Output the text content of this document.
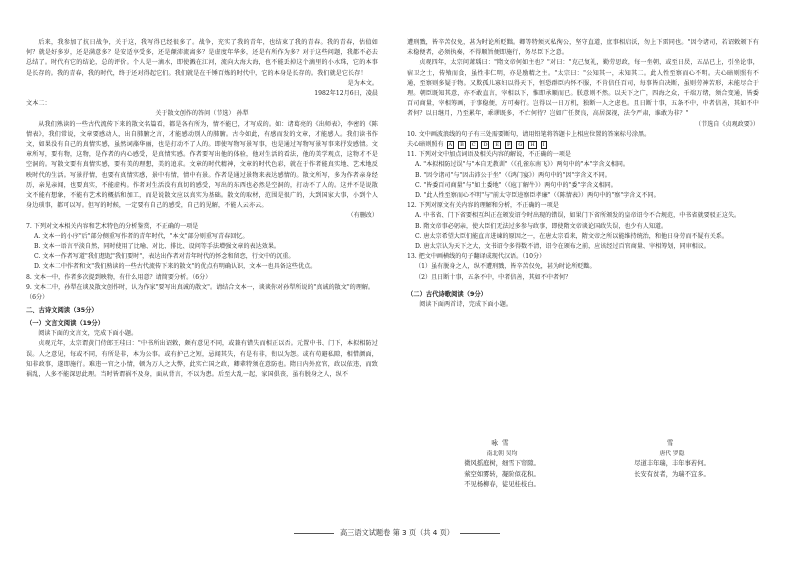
后来，我参加了抗日战争，关于这，我写得已经很多了。战争，充实了我的青年，也结束了我的青春。我的青春，估值如何？就是好多岁，还是满意多？是安适享受多，还是颠沛流离多？是虚度年华多，还是有所作为多？对于这些问题，我都不必去总结了。时代有它的结论，总的评价。个人是一滴水，即使溅在江河，流向大海大海，也不能丢掉这个滴里的小水珠，它的本事是长存的。我的青春，我的时代，终于还对得起它们。我们就是在千锤百炼的时代中，它的本身是长存的。我们就是它长存！

是为本文。

1982年12月6日，凌晨

文本二：

关于散文创作的答问（节选） 孙犁

从我们熟读的一些古代流传下来的散文名篇看，都是各有所为，情不能已，才写成的。如：诸葛亮的《出师表》，李密的《陈情表》，我们常说，文章要感动人，出自肺腑之言，才能感动别人的肺腑。古今如此，有感而发的文章，才能感人。我们读书作文，如果没有自己的真情实感，虽然词藻华丽，也是打动不了人的。即使写物写景写事，也是通过写物写景写事来抒发感情。文章所写，要有物，这物，是作者的内心感受，是真情实感。作者要写出他的体验，他对生活的看法，他的美学观点，这物才不是空洞的。写散文要有真情实感，要有美的理想，美的追求。文章的时代精神，文章的时代色彩，就在于作者能真实地、艺术地反映时代的生活。写景抒情，也要有真情实感，景中有情，情中有景。作者是通过景物来表达感情的。散文所写，多为作者亲身经历，亲见亲闻，也要真实，不能虚构。作者对生活没有真切的感受，写出的东西也必然是空洞的，打动不了人的。这并不是说散文不能有想象，不能有艺术的概括和加工，而是说散文应以真实为基础。散文的取材，范围是很广的，大到国家大事，小到个人身边琐事，都可以写。但写的时候，一定要有自己的感受，自己的见解，不能人云亦云。

（有删改）

7. 下列对文本相关内容和艺术特色的分析鉴赏，不正确的一项是

A. 文本一的小序"后"部分侧重写作者的青年时代，"本文"部分则重写青春回忆。

B. 文本一语言平淡自然，同时使用了比喻、对比、排比、设问等手法增强文章的表达效果。

C. 文本一作者写道"我们想起"我们要时"，表达出作者对青年时代的怀念和留恋，行文中的沉重。

D. 文本二中作者和文"我们熟读的一些古代流传下来的散文"的优点有明确认识，文本一也具备这些优点。

8. 文本一中，作者多次提到映物，有什么用意？请简要分析。（6分）

9. 文本二中，孙犁在谈及散文创作时，认为作家"要写出真诚的散文"。请结合文本一，谈谈你对孙犁所说的"真诚的散文"的理解。（6分）

二、古诗文阅读（35分）

（一）文言文阅读（19分）

阅读下面的文言文，完成下面小题。

贞观元年，太宗谓黄门侍郎王珪曰："中书所出诏敕，颇有意见不同，或兼有错失而相正以否。元置中书、门下，本拟相防过误。人之意见，每或不同，有所是非，本为公事。或有护己之短，忌闻其失，有是有非，衔以为怨。或有苟避私隙，相惜颜面，知非政事，遂即施行。难违一官之小情，顿为万人之大弊，此实亡国之政，卿辈特须在意防也。隋日内外庶官，政以依违，而致祸乱，人多不能深思此理。当时皆谓祸不及身，面从背言，不以为患。后至大乱一起，家国俱丧，虽有脱身之人，纵不

遭刑戮，皆辛苦仅免，甚为时论所贬黜。卿等特须灭私徇公，坚守直道，庶事相启沃，勿上下雷同也。"因令诸司，若诏敕颁下有未稳便者，必须执奏，不得顺旨便即施行，务尽臣下之意。

贞观四年，太宗问萧瑀曰："隋文帝何如主也？"对曰："克己复礼，勤劳思政，每一坐朝，或至日昃，五品已上，引坐论事，宿卫之士，传飧而食，虽性非仁明，亦是励精之主。"太宗曰："公知其一，未知其二。此人性至察而心不明。夫心暗则照有不通，至察则多疑于物。又欺孤儿寡妇以得天下，恒恐群臣内怀不服，不肯信任百司，每事皆自决断，虽则劳神苦形，未能尽合于理。朝臣既知其意，亦不敢直言，宰相以下，惟即承顺而已。朕意则不然。以天下之广，四海之众，千端万绪，须合变通，皆委百司商量，宰相筹画，于事稳便，方可奏行。岂得以一日万机，独断一人之虑也。且日断十事，五条不中，中者信善，其如不中者何？以日继月，乃至累年，乖谬既多，不亡何待？岂如广任贤良，高居深视，法令严肃，谁敢为非？"

（节选自《贞观政要》）

10. 文中画波浪线的句子有三处需要断句，请用铅笔将答题卡上相应位置的答案标号涂黑。

夫心暗则照有 A B C D E F G H I

11. 下列对文中加点词语及相关内容的解说，不正确的一项是

A. "本拟相防过误"与"本自无教训"（《孔雀东南飞》）两句中的"本"字含义相同。

B. "因令诸司"与"因击沛公于坐"（《鸿门宴》）两句中的"因"字含义不同。

C. "皆委百司商量"与"如土委地"（《庖丁解牛》）两句中的"委"字含义相同。

D. "此人性至察而心不明"与"前太守臣逵察臣孝廉"（《陈情表》）两句中的"察"字含义不同。

12. 下列对原文有关内容的理解和分析，不正确的一项是

A. 中书省、门下省要相互纠正在颁发诏令时出现的错误，如果门下省所颁发的皇帝诏令不合规范，中书省就要驳正这失。

B. 隋文帝事必躬亲，使大臣们无法过多参与政事，即使隋文帝谈论国政失误，也少有人知道。

C. 唐太宗希望大臣们能直言进谏的原因之一，在唐太宗看来，隋文帝之所以能维持统治，和他日身劳而不疑有关系。

D. 唐太宗认为天下之大，文书诏令多得数不清，诏令在颁布之前，应该经过百官商量、宰相筹划，同审相议。

13. 把文中画横线的句子翻译成现代汉语。（10分）

（1）虽有脱身之人，纵不遭刑戮，皆辛苦仅免，甚为时论所贬黜。

（2）且日断十事，五条不中，中者信善，其如不中者何？

（二）古代诗歌阅读（9分）

阅读下面两首诗，完成下面小题。

咏雪
南北朝 吴均
微风摇庭树，细雪下帘隙。
萦空如雾转，凝阶似花积。
不见杨柳春，徒见桂枝白。
雪
唐代 罗隐
尽道丰年瑞，丰年事若何。
长安有贫者，为瑞不宜多。
高三语文试题卷 第 3 页（共 4 页）
